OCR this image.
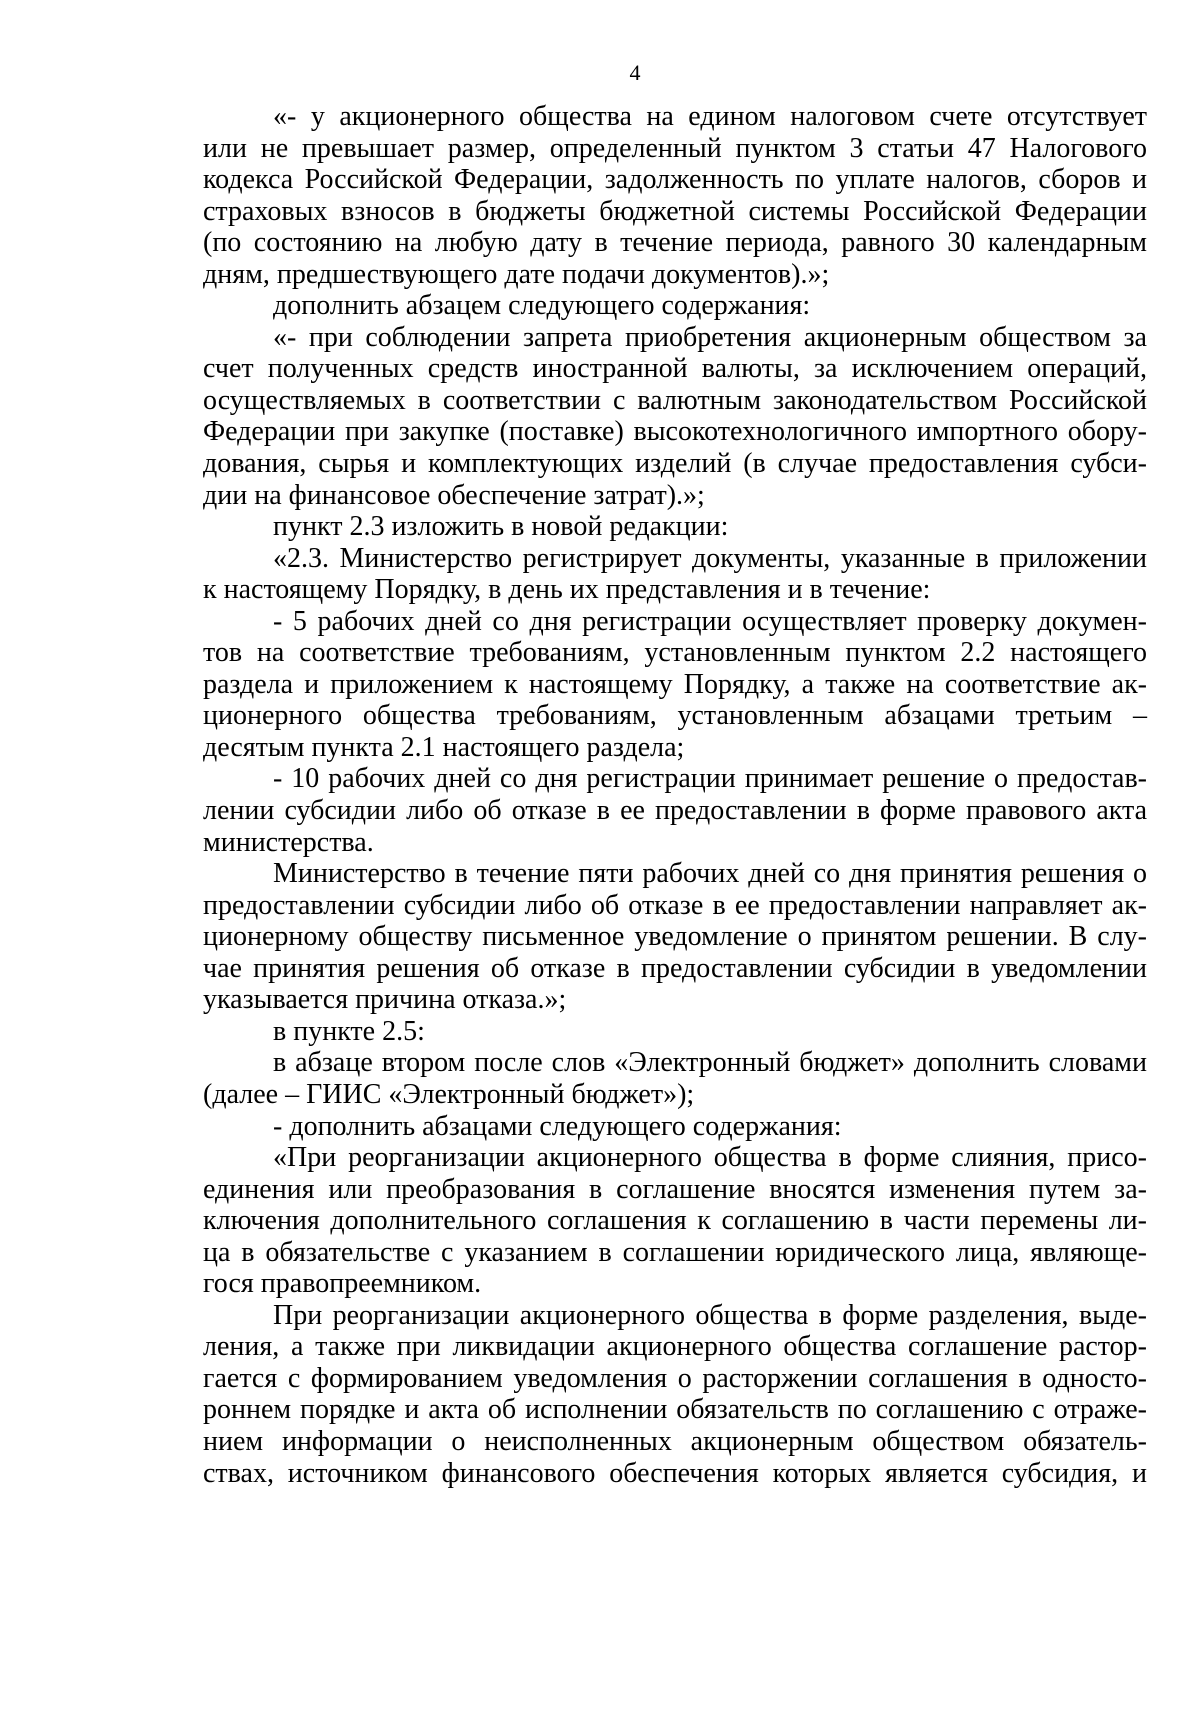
4
«- у акционерного общества на едином налоговом счете отсутствует
или не превышает размер, определенный пунктом 3 статьи 47 Налогового
кодекса Российской Федерации, задолженность по уплате налогов, сборов и
страховых взносов в бюджеты бюджетной системы Российской Федерации
(по состоянию на любую дату в течение периода, равного 30 календарным
дням, предшествующего дате подачи документов).»;
дополнить абзацем следующего содержания:
«- при соблюдении запрета приобретения акционерным обществом за
счет полученных средств иностранной валюты, за исключением операций,
осуществляемых в соответствии с валютным законодательством Российской
Федерации при закупке (поставке) высокотехнологичного импортного обору-
дования, сырья и комплектующих изделий (в случае предоставления субси-
дии на финансовое обеспечение затрат).»;
пункт 2.3 изложить в новой редакции:
«2.3. Министерство регистрирует документы, указанные в приложении
к настоящему Порядку, в день их представления и в течение:
- 5 рабочих дней со дня регистрации осуществляет проверку докумен-
тов на соответствие требованиям, установленным пунктом 2.2 настоящего
раздела и приложением к настоящему Порядку, а также на соответствие ак-
ционерного общества требованиям, установленным абзацами третьим –
десятым пункта 2.1 настоящего раздела;
- 10 рабочих дней со дня регистрации принимает решение о предостав-
лении субсидии либо об отказе в ее предоставлении в форме правового акта
министерства.
Министерство в течение пяти рабочих дней со дня принятия решения о
предоставлении субсидии либо об отказе в ее предоставлении направляет ак-
ционерному обществу письменное уведомление о принятом решении. В слу-
чае принятия решения об отказе в предоставлении субсидии в уведомлении
указывается причина отказа.»;
в пункте 2.5:
в абзаце втором после слов «Электронный бюджет» дополнить словами
(далее – ГИИС «Электронный бюджет»);
- дополнить абзацами следующего содержания:
«При реорганизации акционерного общества в форме слияния, присо-
единения или преобразования в соглашение вносятся изменения путем за-
ключения дополнительного соглашения к соглашению в части перемены ли-
ца в обязательстве с указанием в соглашении юридического лица, являюще-
гося правопреемником.
При реорганизации акционерного общества в форме разделения, выде-
ления, а также при ликвидации акционерного общества соглашение растор-
гается с формированием уведомления о расторжении соглашения в односто-
роннем порядке и акта об исполнении обязательств по соглашению с отраже-
нием информации о неисполненных акционерным обществом обязатель-
ствах, источником финансового обеспечения которых является субсидия, и
